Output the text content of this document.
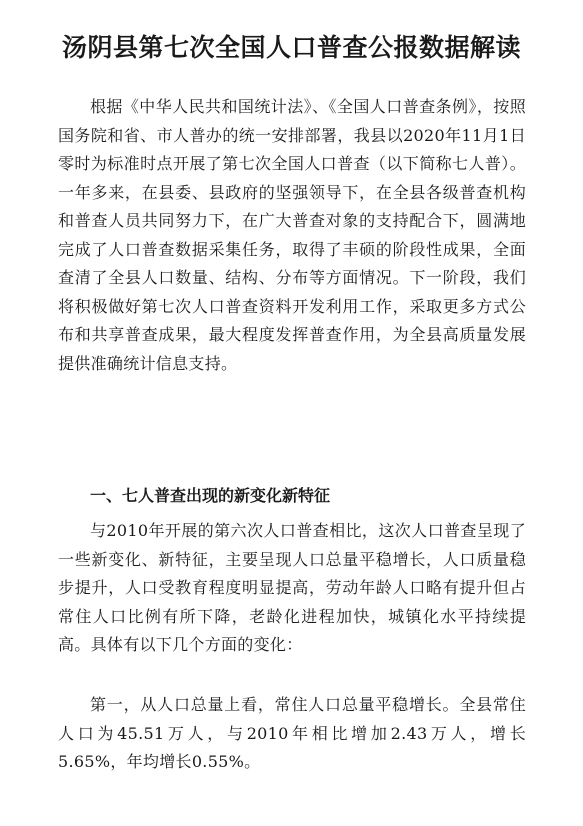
汤阴县第七次全国人口普查公报数据解读

根据《中华人民共和国统计法》、《全国人口普查条例》，按照国务院和省、市人普办的统一安排部署，我县以2020年11月1日零时为标准时点开展了第七次全国人口普查（以下简称七人普）。一年多来，在县委、县政府的坚强领导下，在全县各级普查机构和普查人员共同努力下，在广大普查对象的支持配合下，圆满地完成了人口普查数据采集任务，取得了丰硕的阶段性成果，全面查清了全县人口数量、结构、分布等方面情况。下一阶段，我们将积极做好第七次人口普查资料开发利用工作，采取更多方式公布和共享普查成果，最大程度发挥普查作用，为全县高质量发展提供准确统计信息支持。

一、七人普查出现的新变化新特征

与2010年开展的第六次人口普查相比，这次人口普查呈现了一些新变化、新特征，主要呈现人口总量平稳增长，人口质量稳步提升，人口受教育程度明显提高，劳动年龄人口略有提升但占常住人口比例有所下降，老龄化进程加快，城镇化水平持续提高。具体有以下几个方面的变化：

第一，从人口总量上看，常住人口总量平稳增长。全县常住人口为45.51万人，与2010年相比增加2.43万人，增长5.65%，年均增长0.55%。
